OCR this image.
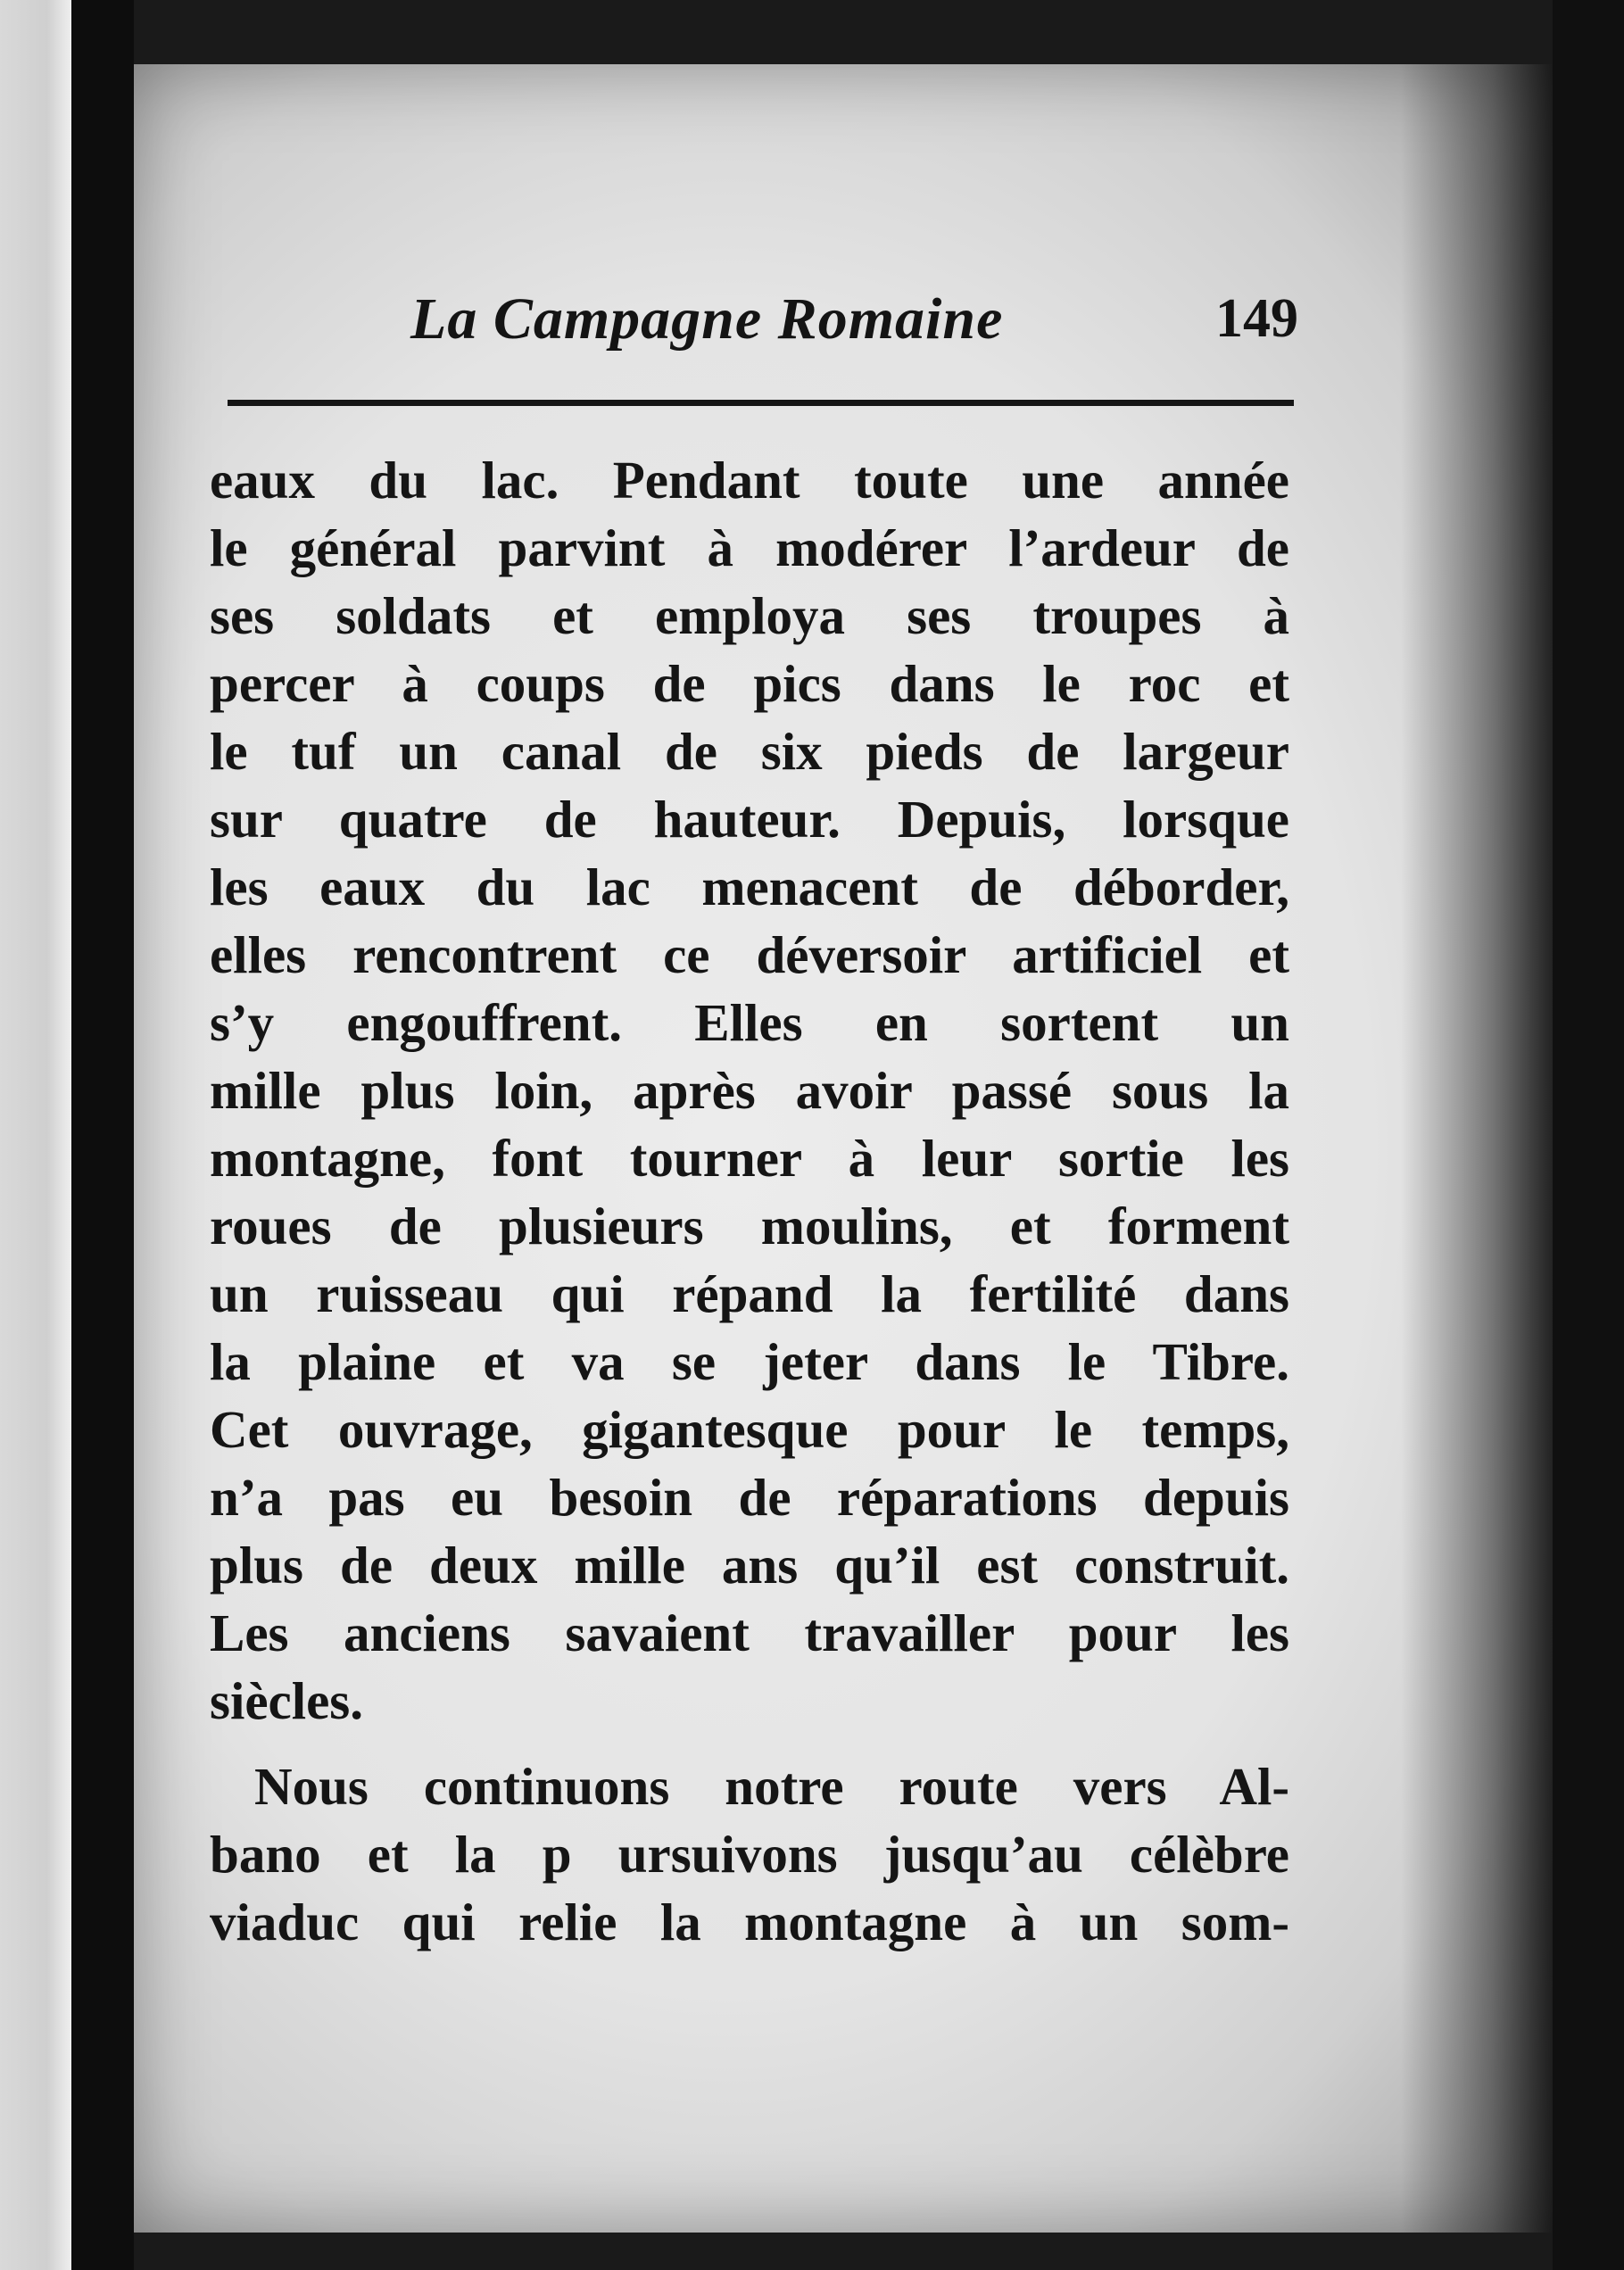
La Campagne Romaine	149
eaux du lac. Pendant toute une année
le général parvint à modérer l’ardeur de
ses soldats et employa ses troupes à
percer à coups de pics dans le roc et
le tuf un canal de six pieds de largeur
sur quatre de hauteur. Depuis, lorsque
les eaux du lac menacent de déborder,
elles rencontrent ce déversoir artificiel et
s’y engouffrent. Elles en sortent un
mille plus loin, après avoir passé sous la
montagne, font tourner à leur sortie les
roues de plusieurs moulins, et forment
un ruisseau qui répand la fertilité dans
la plaine et va se jeter dans le Tibre.
Cet ouvrage, gigantesque pour le temps,
n’a pas eu besoin de réparations depuis
plus de deux mille ans qu’il est construit.
Les anciens savaient travailler pour les
siècles.
Nous continuons notre route vers Al-
bano et la p ursuivons jusqu’au célèbre
viaduc qui relie la montagne à un som-
